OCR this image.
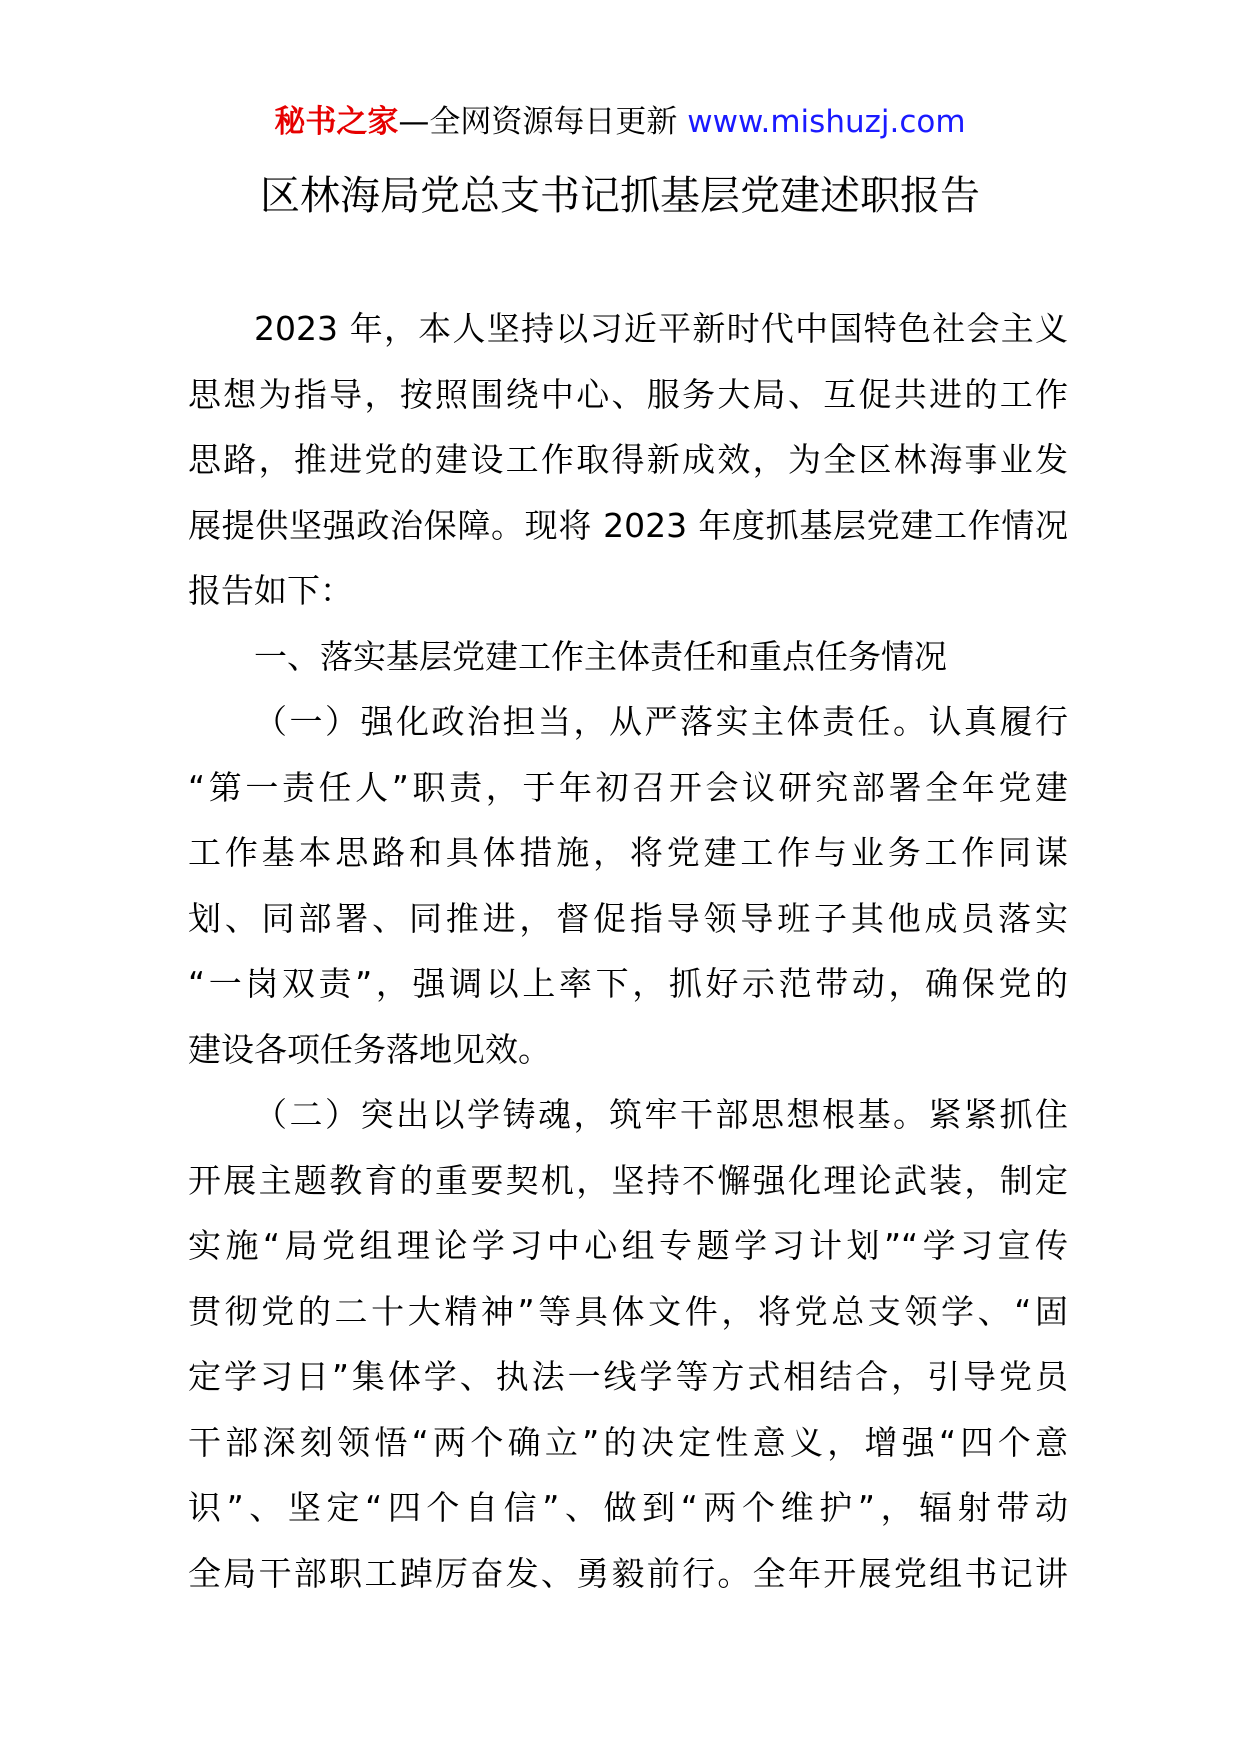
秘书之家—全网资源每日更新 www.mishuzj.com
区林海局党总支书记抓基层党建述职报告
2023 年，本人坚持以习近平新时代中国特色社会主义
思想为指导，按照围绕中心、服务大局、互促共进的工作
思路，推进党的建设工作取得新成效，为全区林海事业发
展提供坚强政治保障。现将 2023 年度抓基层党建工作情况
报告如下：
一、落实基层党建工作主体责任和重点任务情况
（一）强化政治担当，从严落实主体责任。认真履行
“第一责任人”职责，于年初召开会议研究部署全年党建
工作基本思路和具体措施，将党建工作与业务工作同谋
划、同部署、同推进，督促指导领导班子其他成员落实
“一岗双责”，强调以上率下，抓好示范带动，确保党的
建设各项任务落地见效。
（二）突出以学铸魂，筑牢干部思想根基。紧紧抓住
开展主题教育的重要契机，坚持不懈强化理论武装，制定
实施“局党组理论学习中心组专题学习计划”“学习宣传
贯彻党的二十大精神”等具体文件，将党总支领学、“固
定学习日”集体学、执法一线学等方式相结合，引导党员
干部深刻领悟“两个确立”的决定性意义，增强“四个意
识”、坚定“四个自信”、做到“两个维护”，辐射带动
全局干部职工踔厉奋发、勇毅前行。全年开展党组书记讲
